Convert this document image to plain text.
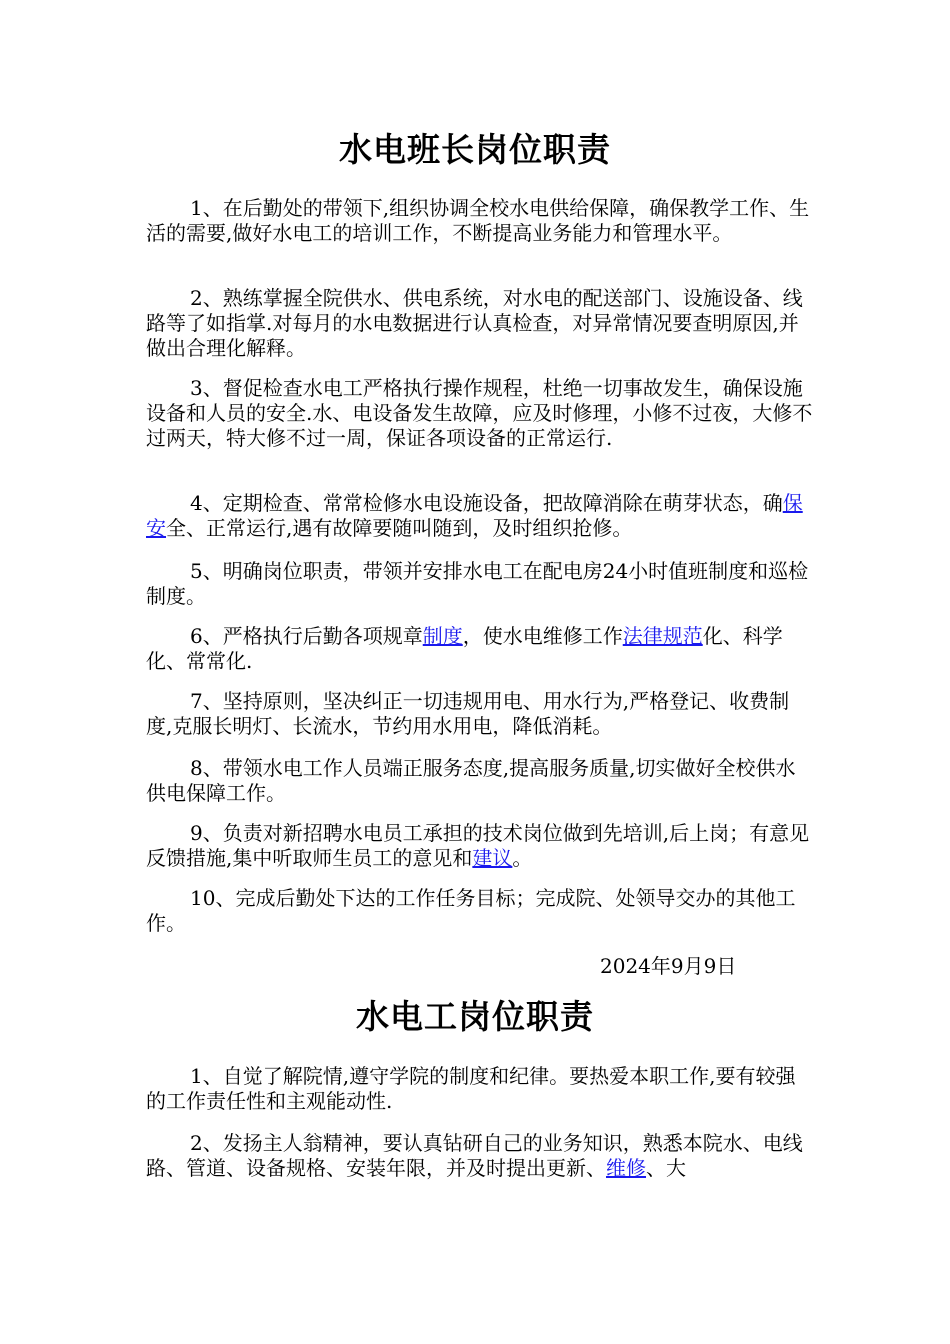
水电班长岗位职责

1、在后勤处的带领下,组织协调全校水电供给保障，确保教学工作、生活的需要,做好水电工的培训工作，不断提高业务能力和管理水平。

2、熟练掌握全院供水、供电系统，对水电的配送部门、设施设备、线路等了如指掌.对每月的水电数据进行认真检查，对异常情况要查明原因,并做出合理化解释。

3、督促检查水电工严格执行操作规程，杜绝一切事故发生，确保设施设备和人员的安全.水、电设备发生故障，应及时修理，小修不过夜，大修不过两天，特大修不过一周，保证各项设备的正常运行.

4、定期检查、常常检修水电设施设备，把故障消除在萌芽状态，确保安全、正常运行,遇有故障要随叫随到，及时组织抢修。

5、明确岗位职责，带领并安排水电工在配电房24小时值班制度和巡检制度。

6、严格执行后勤各项规章制度，使水电维修工作法律规范化、科学化、常常化.

7、坚持原则，坚决纠正一切违规用电、用水行为,严格登记、收费制度,克服长明灯、长流水，节约用水用电，降低消耗。

8、带领水电工作人员端正服务态度,提高服务质量,切实做好全校供水供电保障工作。

9、负责对新招聘水电员工承担的技术岗位做到先培训,后上岗；有意见反馈措施,集中听取师生员工的意见和建议。

10、完成后勤处下达的工作任务目标；完成院、处领导交办的其他工作。

2024年9月9日
水电工岗位职责

1、自觉了解院情,遵守学院的制度和纪律。要热爱本职工作,要有较强的工作责任性和主观能动性.

2、发扬主人翁精神，要认真钻研自己的业务知识，熟悉本院水、电线路、管道、设备规格、安装年限，并及时提出更新、维修、大
